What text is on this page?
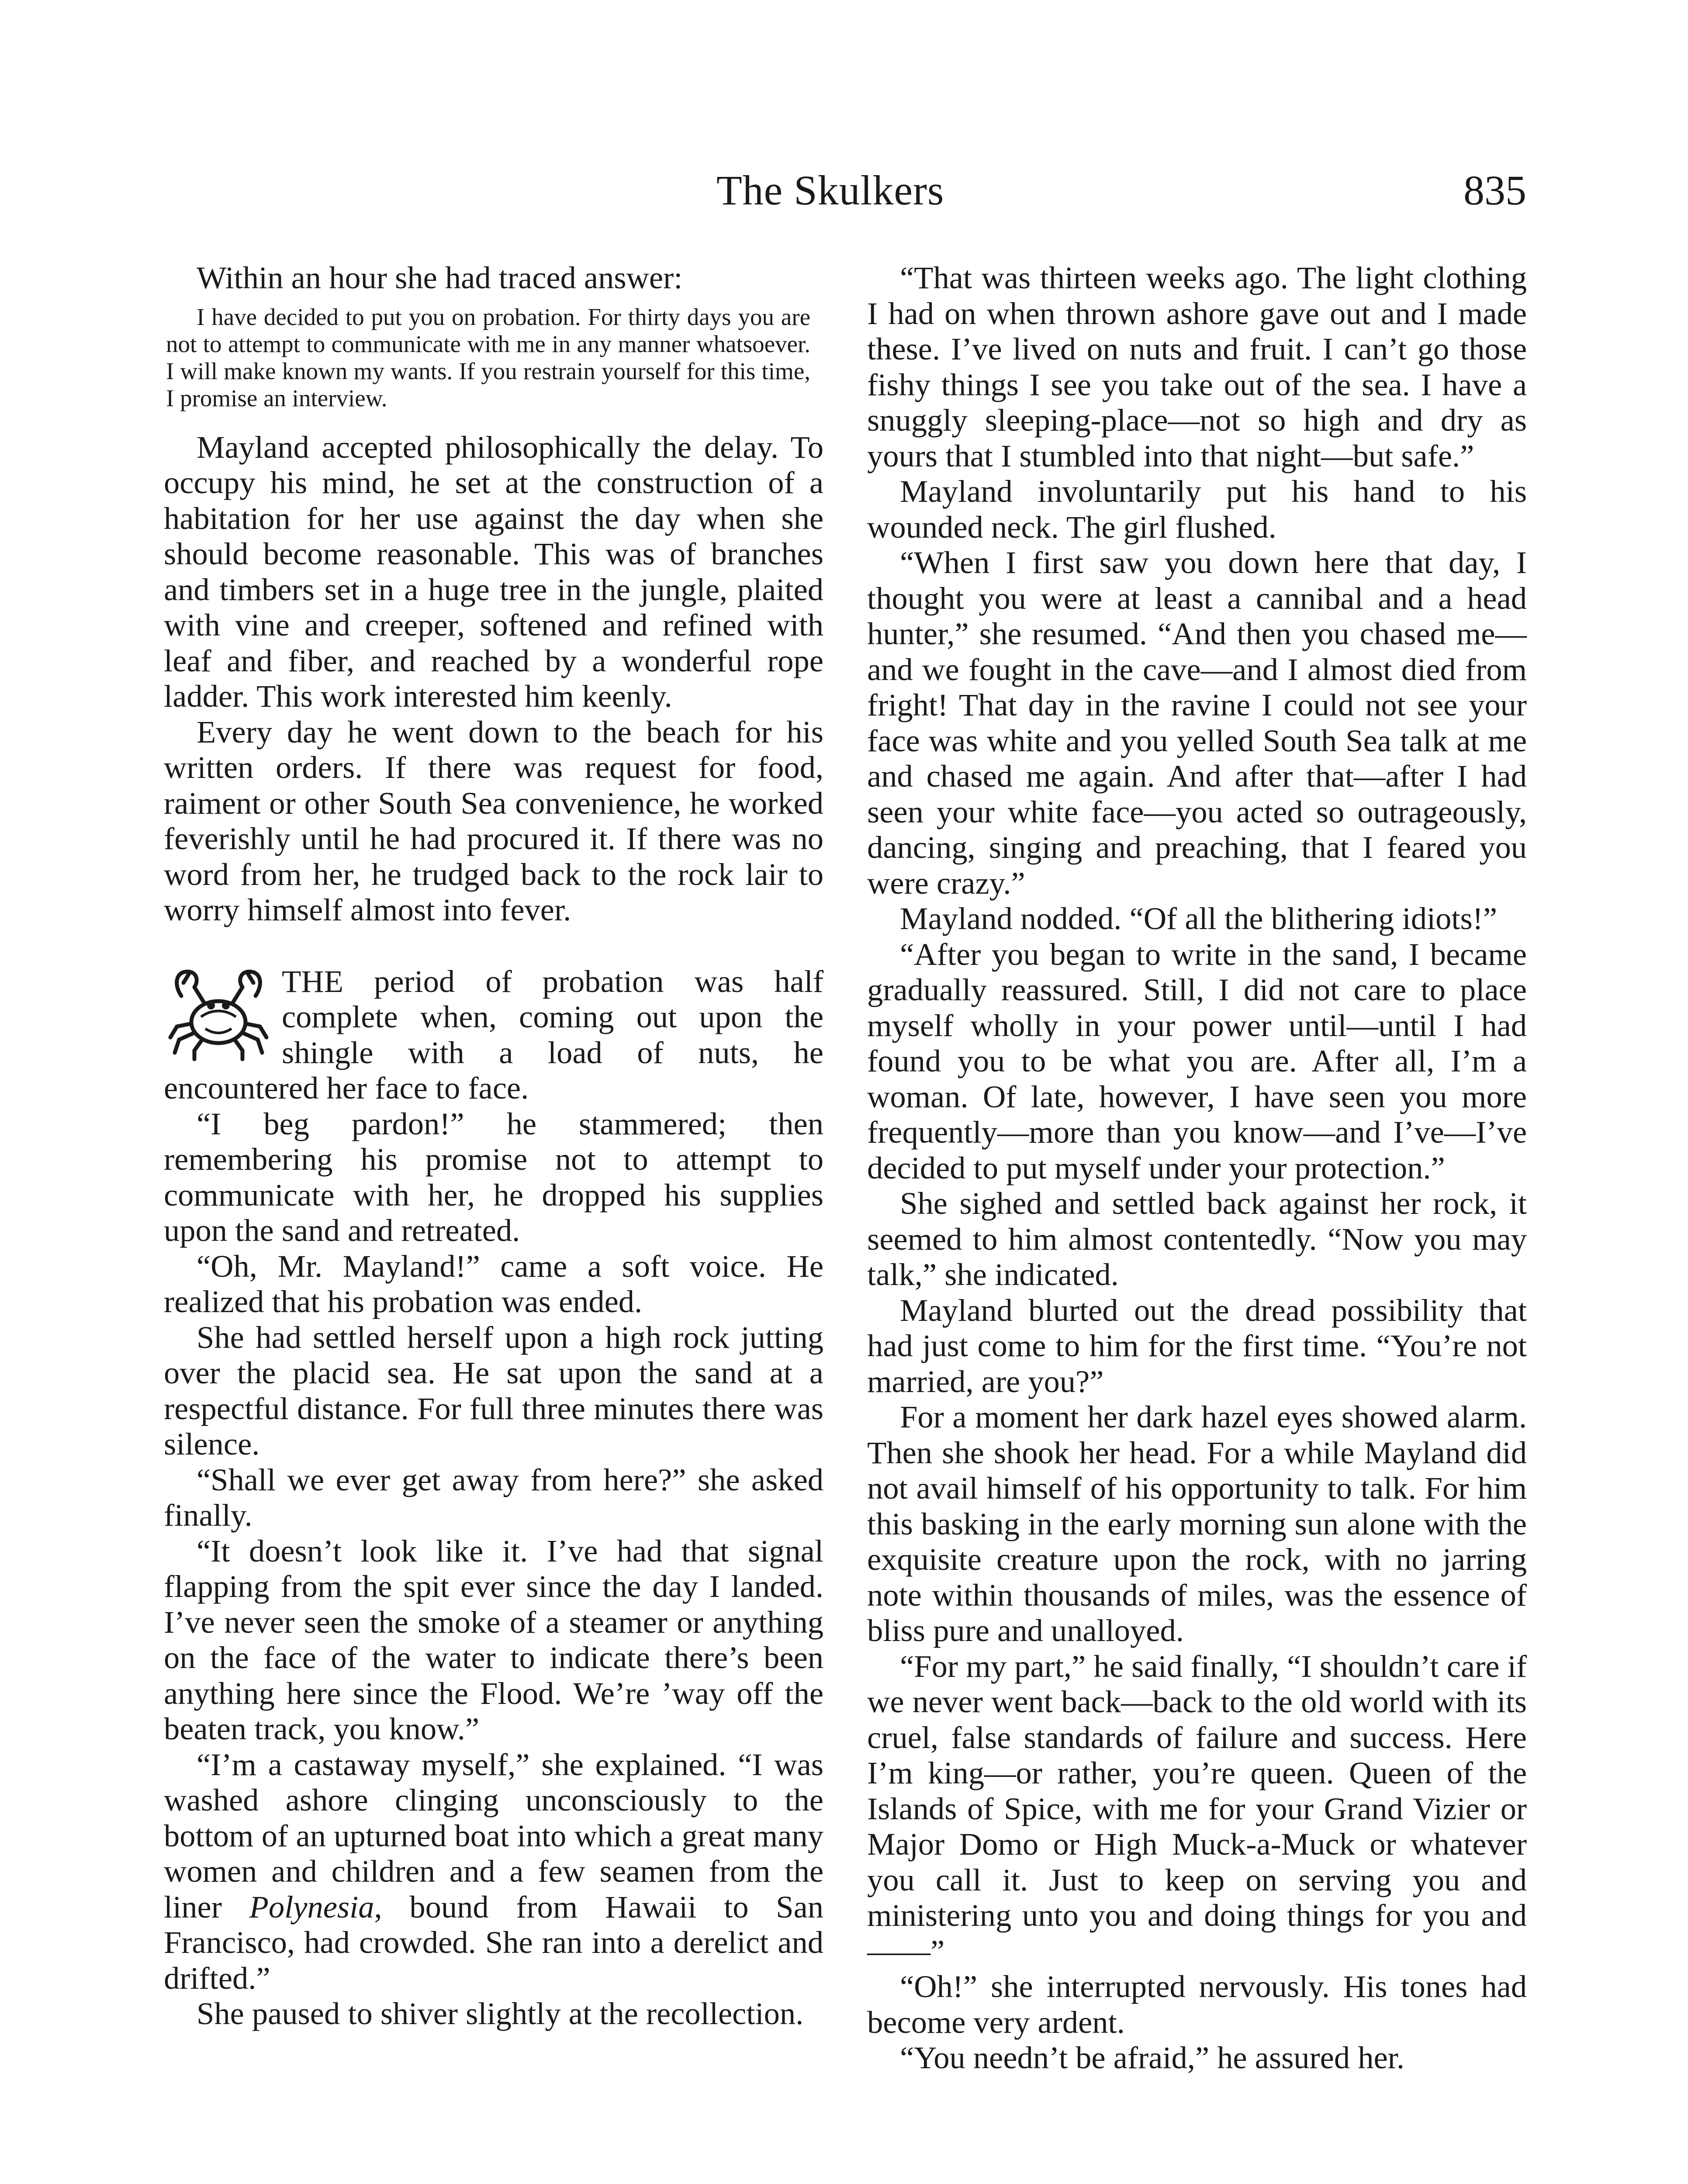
The Skulkers	835

Within an hour she had traced answer:

I have decided to put you on probation. For thirty days you are not to attempt to communicate with me in any manner whatsoever. I will make known my wants. If you restrain yourself for this time, I promise an interview.

Mayland accepted philosophically the delay. To occupy his mind, he set at the construction of a habitation for her use against the day when she should become reasonable. This was of branches and timbers set in a huge tree in the jungle, plaited with vine and creeper, softened and refined with leaf and fiber, and reached by a wonderful rope ladder. This work interested him keenly.

Every day he went down to the beach for his written orders. If there was request for food, raiment or other South Sea convenience, he worked feverishly until he had procured it. If there was no word from her, he trudged back to the rock lair to worry himself almost into fever.

THE period of probation was half complete when, coming out upon the shingle with a load of nuts, he encountered her face to face.

“I beg pardon!” he stammered; then remembering his promise not to attempt to communicate with her, he dropped his supplies upon the sand and retreated.

“Oh, Mr. Mayland!” came a soft voice. He realized that his probation was ended.

She had settled herself upon a high rock jutting over the placid sea. He sat upon the sand at a respectful distance. For full three minutes there was silence.

“Shall we ever get away from here?” she asked finally.

“It doesn’t look like it. I’ve had that signal flapping from the spit ever since the day I landed. I’ve never seen the smoke of a steamer or anything on the face of the water to indicate there’s been anything here since the Flood. We’re ’way off the beaten track, you know.”

“I’m a castaway myself,” she explained. “I was washed ashore clinging unconsciously to the bottom of an upturned boat into which a great many women and children and a few seamen from the liner Polynesia, bound from Hawaii to San Francisco, had crowded. She ran into a derelict and drifted.”

She paused to shiver slightly at the recollection.

“That was thirteen weeks ago. The light clothing I had on when thrown ashore gave out and I made these. I’ve lived on nuts and fruit. I can’t go those fishy things I see you take out of the sea. I have a snuggly sleeping-place—not so high and dry as yours that I stumbled into that night—but safe.”

Mayland involuntarily put his hand to his wounded neck. The girl flushed.

“When I first saw you down here that day, I thought you were at least a cannibal and a head hunter,” she resumed. “And then you chased me—and we fought in the cave—and I almost died from fright! That day in the ravine I could not see your face was white and you yelled South Sea talk at me and chased me again. And after that—after I had seen your white face—you acted so outrageously, dancing, singing and preaching, that I feared you were crazy.”

Mayland nodded. “Of all the blithering idiots!”

“After you began to write in the sand, I became gradually reassured. Still, I did not care to place myself wholly in your power until—until I had found you to be what you are. After all, I’m a woman. Of late, however, I have seen you more frequently—more than you know—and I’ve—I’ve decided to put myself under your protection.”

She sighed and settled back against her rock, it seemed to him almost contentedly. “Now you may talk,” she indicated.

Mayland blurted out the dread possibility that had just come to him for the first time. “You’re not married, are you?”

For a moment her dark hazel eyes showed alarm. Then she shook her head. For a while Mayland did not avail himself of his opportunity to talk. For him this basking in the early morning sun alone with the exquisite creature upon the rock, with no jarring note within thousands of miles, was the essence of bliss pure and unalloyed.

“For my part,” he said finally, “I shouldn’t care if we never went back—back to the old world with its cruel, false standards of failure and success. Here I’m king—or rather, you’re queen. Queen of the Islands of Spice, with me for your Grand Vizier or Major Domo or High Muck-a-Muck or whatever you call it. Just to keep on serving you and ministering unto you and doing things for you and——”

“Oh!” she interrupted nervously. His tones had become very ardent.

“You needn’t be afraid,” he assured her.
